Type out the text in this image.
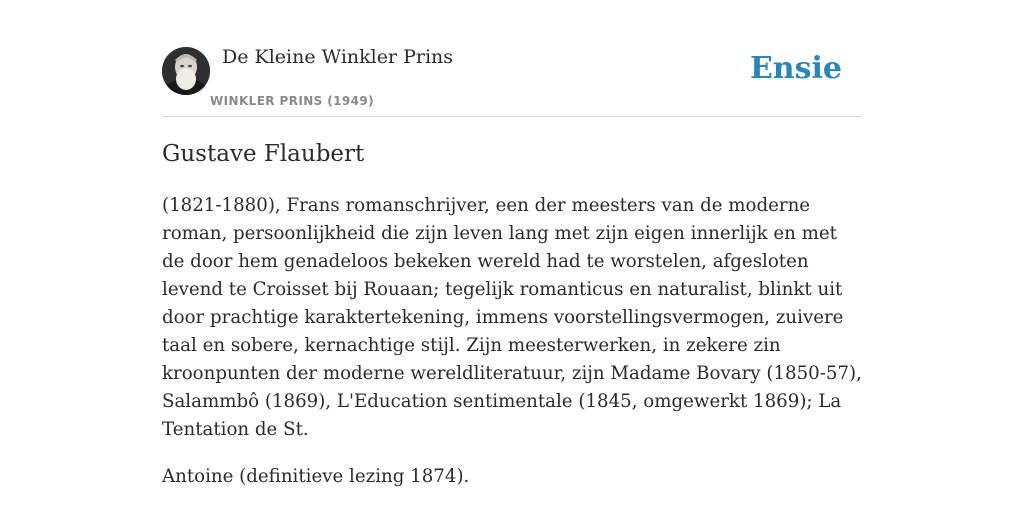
De Kleine Winkler Prins
WINKLER PRINS (1949)
Ensie
Gustave Flaubert

(1821-1880), Frans romanschrijver, een der meesters van de moderne roman, persoonlijkheid die zijn leven lang met zijn eigen innerlijk en met de door hem genadeloos bekeken wereld had te worstelen, afgesloten levend te Croisset bij Rouaan; tegelijk romanticus en naturalist, blinkt uit door prachtige karaktertekening, immens voorstellingsvermogen, zuivere taal en sobere, kernachtige stijl. Zijn meesterwerken, in zekere zin kroonpunten der moderne wereldliteratuur, zijn Madame Bovary (1850-57), Salammbô (1869), L'Education sentimentale (1845, omgewerkt 1869); La Tentation de St.

Antoine (definitieve lezing 1874).
